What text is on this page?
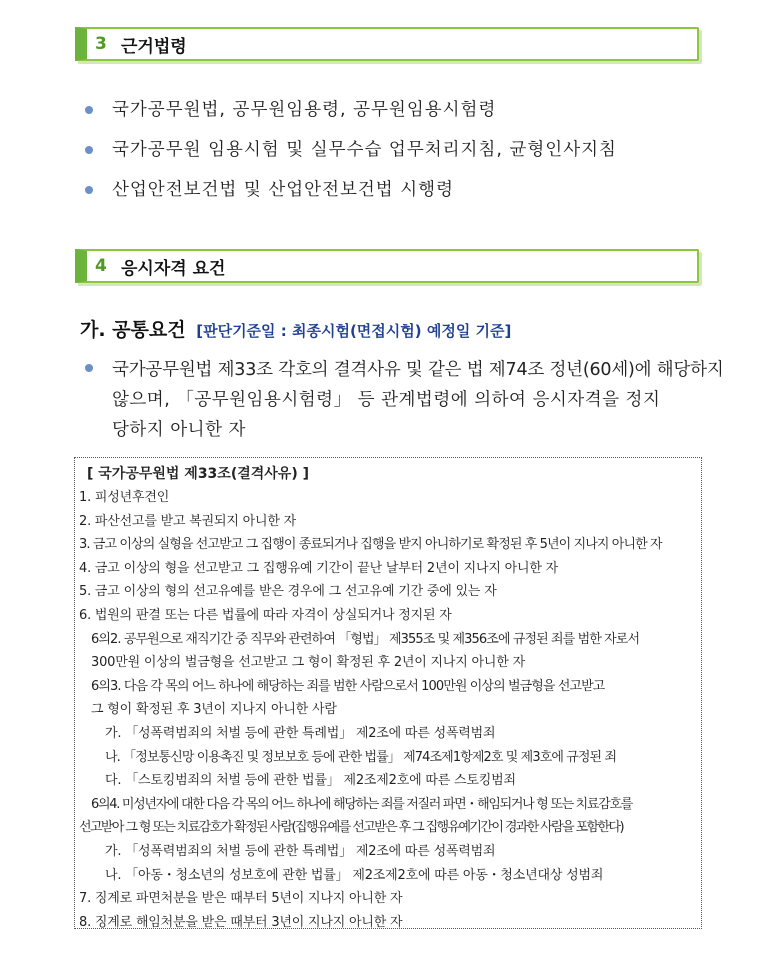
3 근거법령
국가공무원법, 공무원임용령, 공무원임용시험령
국가공무원 임용시험 및 실무수습 업무처리지침, 균형인사지침
산업안전보건법 및 산업안전보건법 시행령
4 응시자격 요건
가. 공통요건 [판단기준일 : 최종시험(면접시험) 예정일 기준]
국가공무원법 제33조 각호의 결격사유 및 같은 법 제74조 정년(60세)에 해당하지
않으며, 「공무원임용시험령」 등 관계법령에 의하여 응시자격을 정지
당하지 아니한 자
[ 국가공무원법 제33조(결격사유) ]
1. 피성년후견인
2. 파산선고를 받고 복권되지 아니한 자
3. 금고 이상의 실형을 선고받고 그 집행이 종료되거나 집행을 받지 아니하기로 확정된 후 5년이 지나지 아니한 자
4. 금고 이상의 형을 선고받고 그 집행유예 기간이 끝난 날부터 2년이 지나지 아니한 자
5. 금고 이상의 형의 선고유예를 받은 경우에 그 선고유예 기간 중에 있는 자
6. 법원의 판결 또는 다른 법률에 따라 자격이 상실되거나 정지된 자
6의2. 공무원으로 재직기간 중 직무와 관련하여 「형법」 제355조 및 제356조에 규정된 죄를 범한 자로서
300만원 이상의 벌금형을 선고받고 그 형이 확정된 후 2년이 지나지 아니한 자
6의3. 다음 각 목의 어느 하나에 해당하는 죄를 범한 사람으로서 100만원 이상의 벌금형을 선고받고
그 형이 확정된 후 3년이 지나지 아니한 사람
가. 「성폭력범죄의 처벌 등에 관한 특례법」 제2조에 따른 성폭력범죄
나. 「정보통신망 이용촉진 및 정보보호 등에 관한 법률」 제74조제1항제2호 및 제3호에 규정된 죄
다. 「스토킹범죄의 처벌 등에 관한 법률」 제2조제2호에 따른 스토킹범죄
6의4. 미성년자에 대한 다음 각 목의 어느 하나에 해당하는 죄를 저질러 파면・해임되거나 형 또는 치료감호를
선고받아 그 형 또는 치료감호가 확정된 사람(집행유예를 선고받은 후 그 집행유예기간이 경과한 사람을 포함한다)
가. 「성폭력범죄의 처벌 등에 관한 특례법」 제2조에 따른 성폭력범죄
나. 「아동・청소년의 성보호에 관한 법률」 제2조제2호에 따른 아동・청소년대상 성범죄
7. 징계로 파면처분을 받은 때부터 5년이 지나지 아니한 자
8. 징계로 해임처분을 받은 때부터 3년이 지나지 아니한 자
